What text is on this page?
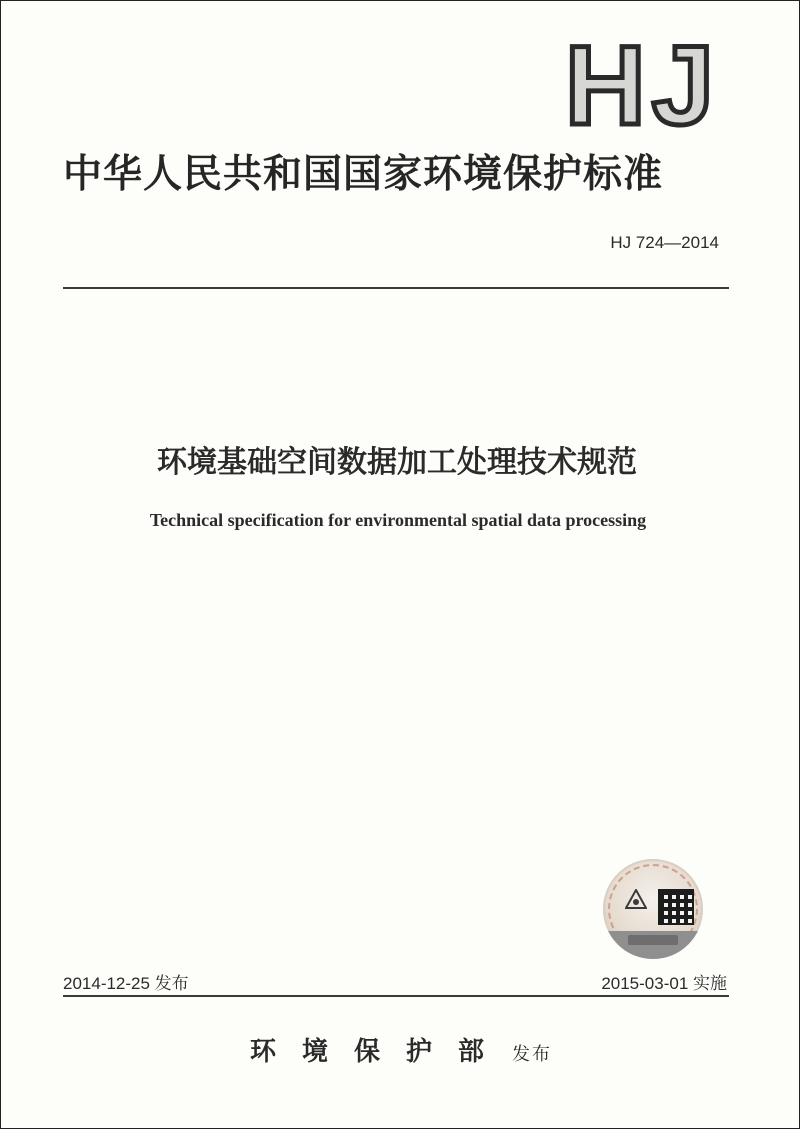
HJ
中华人民共和国国家环境保护标准
HJ 724—2014
环境基础空间数据加工处理技术规范
Technical specification for environmental spatial data processing
2014-12-25 发布	2015-03-01 实施
环境保护部 发布
